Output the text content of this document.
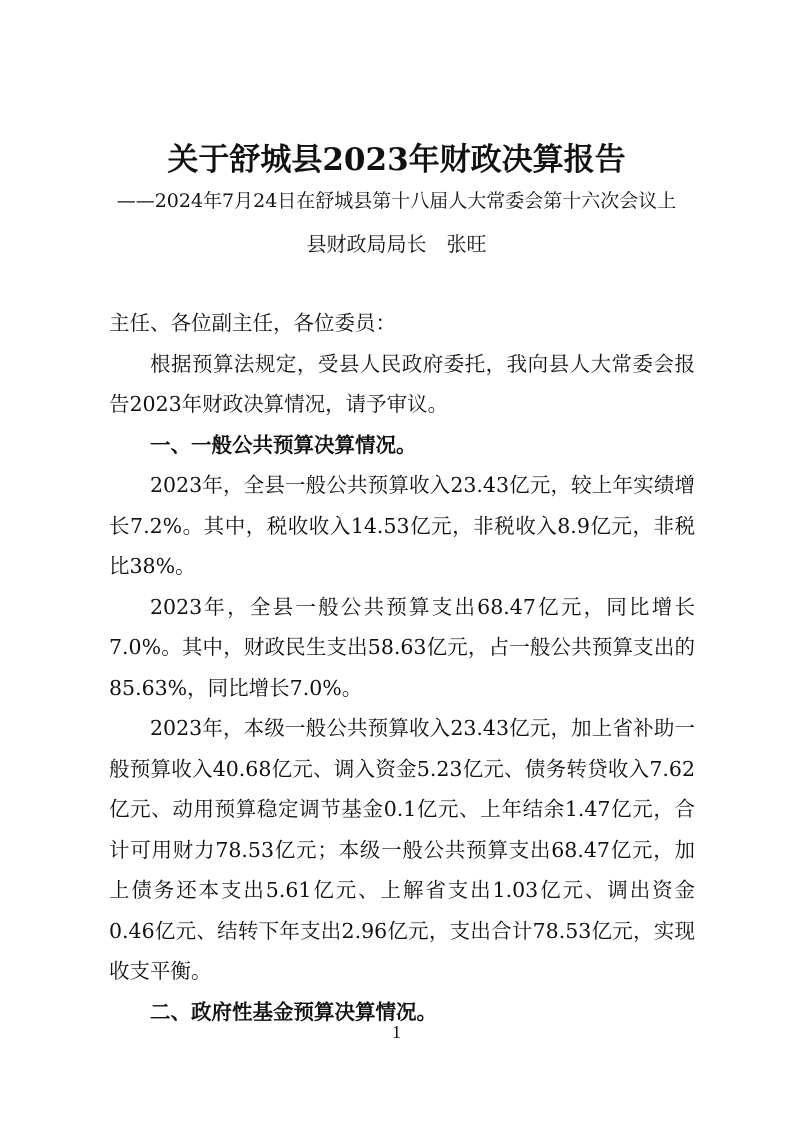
关于舒城县2023年财政决算报告
——2024年7月24日在舒城县第十八届人大常委会第十六次会议上
县财政局局长　张旺

主任、各位副主任，各位委员：

根据预算法规定，受县人民政府委托，我向县人大常委会报告2023年财政决算情况，请予审议。

一、一般公共预算决算情况。

2023年，全县一般公共预算收入23.43亿元，较上年实绩增长7.2%。其中，税收收入14.53亿元，非税收入8.9亿元，非税比38%。

2023年，全县一般公共预算支出68.47亿元，同比增长7.0%。其中，财政民生支出58.63亿元，占一般公共预算支出的85.63%，同比增长7.0%。

2023年，本级一般公共预算收入23.43亿元，加上省补助一般预算收入40.68亿元、调入资金5.23亿元、债务转贷收入7.62亿元、动用预算稳定调节基金0.1亿元、上年结余1.47亿元，合计可用财力78.53亿元；本级一般公共预算支出68.47亿元，加上债务还本支出5.61亿元、上解省支出1.03亿元、调出资金0.46亿元、结转下年支出2.96亿元，支出合计78.53亿元，实现收支平衡。

二、政府性基金预算决算情况。

1
